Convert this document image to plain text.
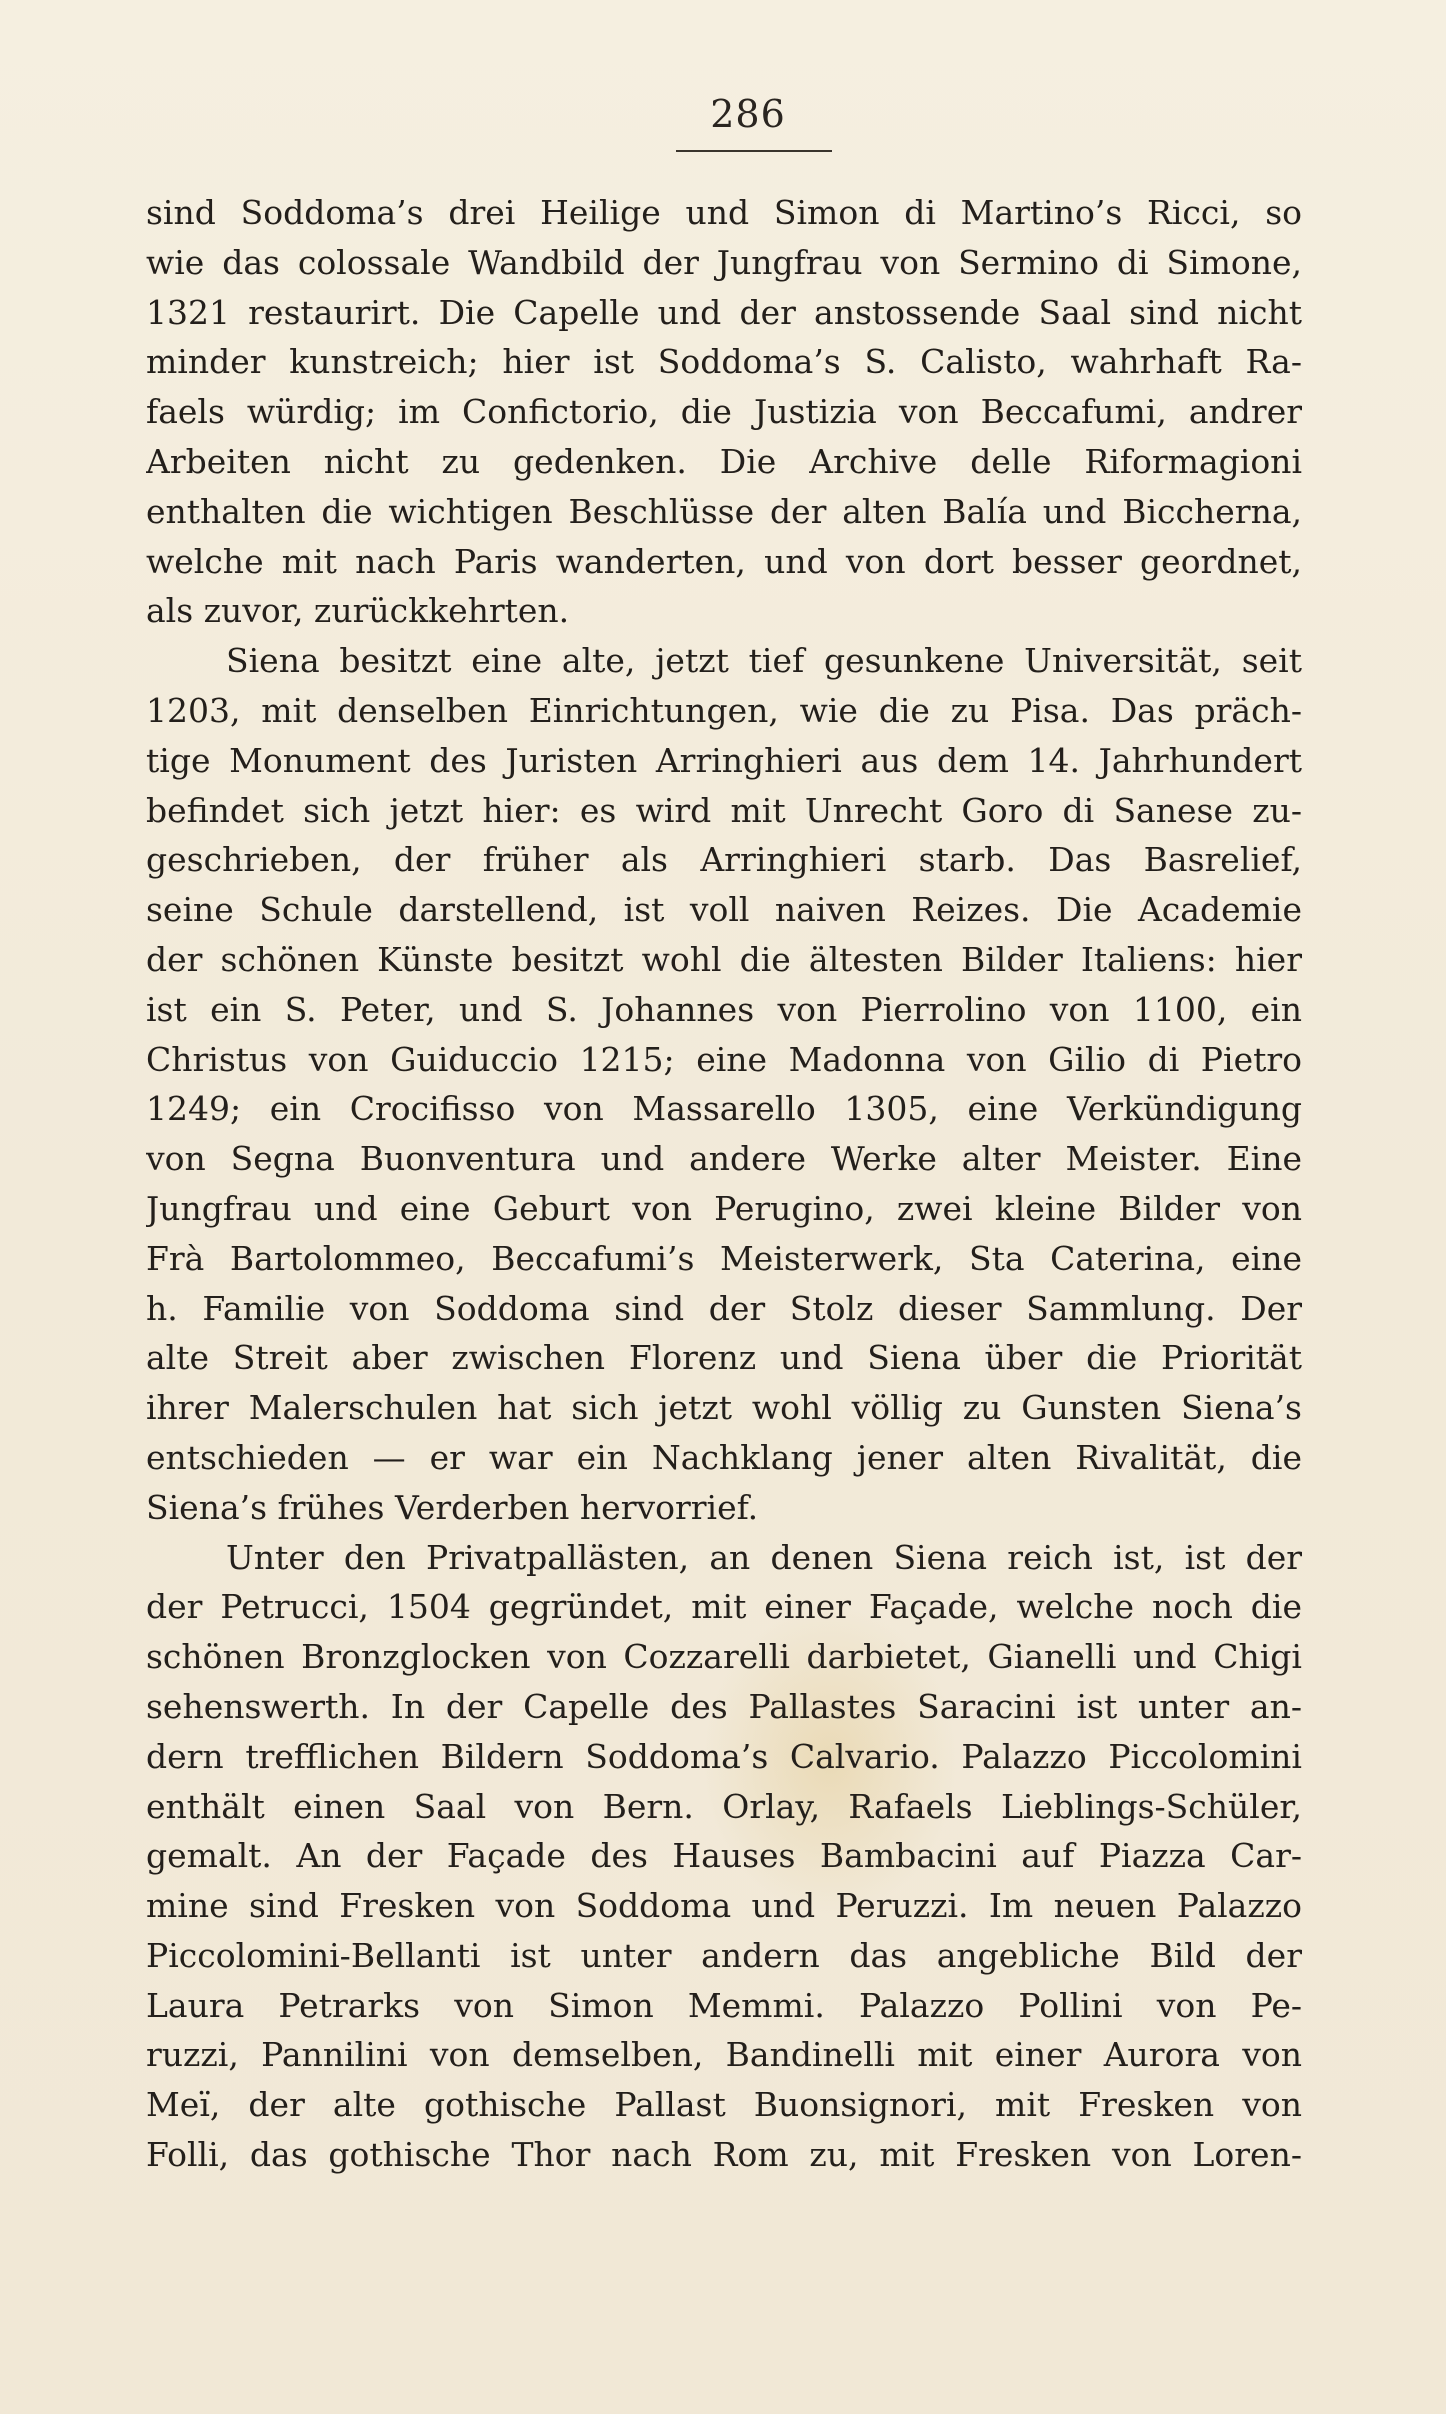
286
sind Soddoma’s drei Heilige und Simon di Martino’s Ricci, so
wie das colossale Wandbild der Jungfrau von Sermino di Simone,
1321 restaurirt. Die Capelle und der anstossende Saal sind nicht
minder kunstreich; hier ist Soddoma’s S. Calisto, wahrhaft Ra-
faels würdig; im Confictorio, die Justizia von Beccafumi, andrer
Arbeiten nicht zu gedenken. Die Archive delle Riformagioni
enthalten die wichtigen Beschlüsse der alten Balía und Biccherna,
welche mit nach Paris wanderten, und von dort besser geordnet,
als zuvor, zurückkehrten.
Siena besitzt eine alte, jetzt tief gesunkene Universität, seit
1203, mit denselben Einrichtungen, wie die zu Pisa. Das präch-
tige Monument des Juristen Arringhieri aus dem 14. Jahrhundert
befindet sich jetzt hier: es wird mit Unrecht Goro di Sanese zu-
geschrieben, der früher als Arringhieri starb. Das Basrelief,
seine Schule darstellend, ist voll naiven Reizes. Die Academie
der schönen Künste besitzt wohl die ältesten Bilder Italiens: hier
ist ein S. Peter, und S. Johannes von Pierrolino von 1100, ein
Christus von Guiduccio 1215; eine Madonna von Gilio di Pietro
1249; ein Crocifisso von Massarello 1305, eine Verkündigung
von Segna Buonventura und andere Werke alter Meister. Eine
Jungfrau und eine Geburt von Perugino, zwei kleine Bilder von
Frà Bartolommeo, Beccafumi’s Meisterwerk, Sta Caterina, eine
h. Familie von Soddoma sind der Stolz dieser Sammlung. Der
alte Streit aber zwischen Florenz und Siena über die Priorität
ihrer Malerschulen hat sich jetzt wohl völlig zu Gunsten Siena’s
entschieden — er war ein Nachklang jener alten Rivalität, die
Siena’s frühes Verderben hervorrief.
Unter den Privatpallästen, an denen Siena reich ist, ist der
der Petrucci, 1504 gegründet, mit einer Façade, welche noch die
schönen Bronzglocken von Cozzarelli darbietet, Gianelli und Chigi
sehenswerth. In der Capelle des Pallastes Saracini ist unter an-
dern trefflichen Bildern Soddoma’s Calvario. Palazzo Piccolomini
enthält einen Saal von Bern. Orlay, Rafaels Lieblings-Schüler,
gemalt. An der Façade des Hauses Bambacini auf Piazza Car-
mine sind Fresken von Soddoma und Peruzzi. Im neuen Palazzo
Piccolomini-Bellanti ist unter andern das angebliche Bild der
Laura Petrarks von Simon Memmi. Palazzo Pollini von Pe-
ruzzi, Pannilini von demselben, Bandinelli mit einer Aurora von
Meï, der alte gothische Pallast Buonsignori, mit Fresken von
Folli, das gothische Thor nach Rom zu, mit Fresken von Loren-
